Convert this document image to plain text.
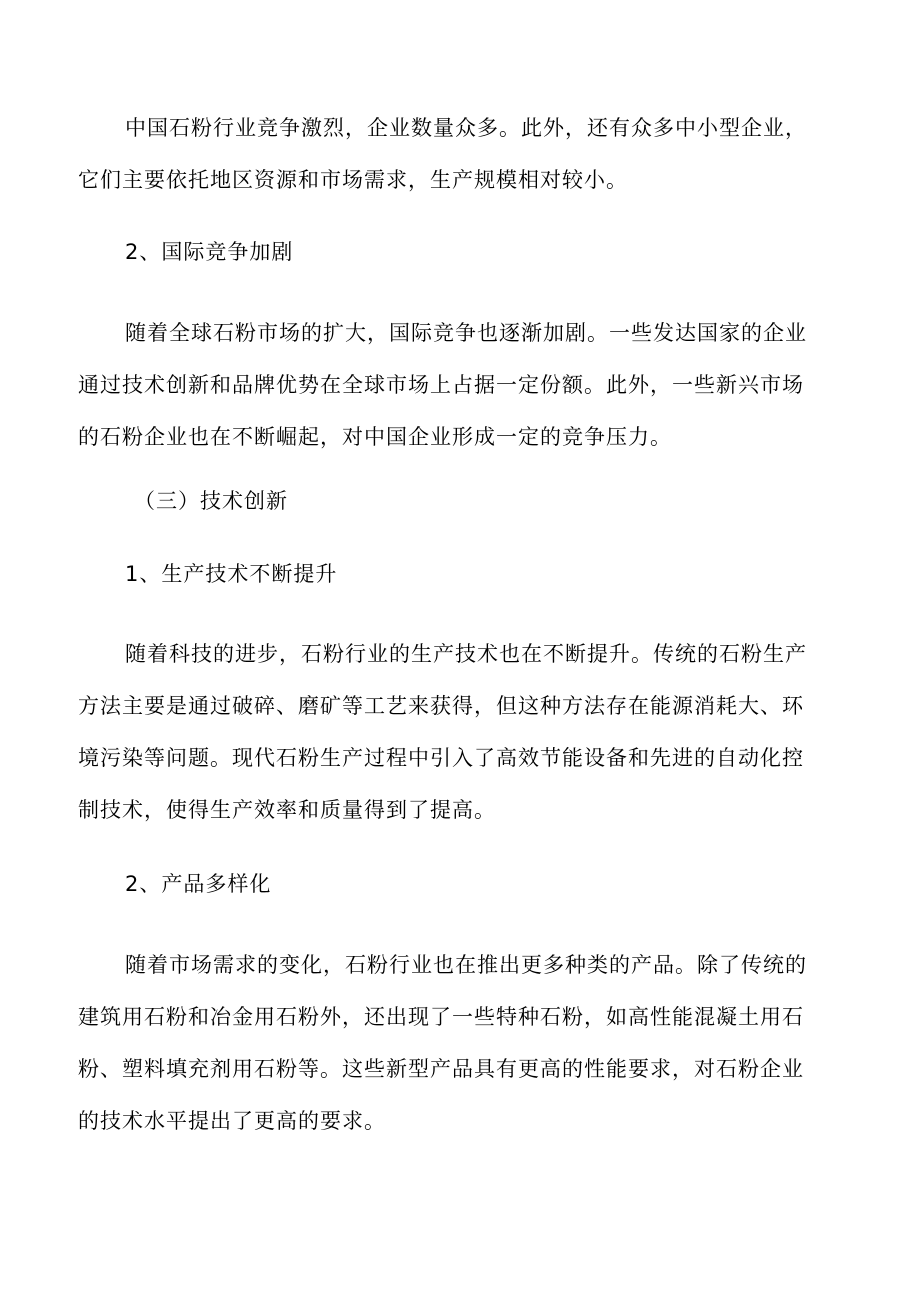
中国石粉行业竞争激烈，企业数量众多。此外，还有众多中小型企业，
它们主要依托地区资源和市场需求，生产规模相对较小。
2、国际竞争加剧
随着全球石粉市场的扩大，国际竞争也逐渐加剧。一些发达国家的企业
通过技术创新和品牌优势在全球市场上占据一定份额。此外，一些新兴市场
的石粉企业也在不断崛起，对中国企业形成一定的竞争压力。
（三）技术创新
1、生产技术不断提升
随着科技的进步，石粉行业的生产技术也在不断提升。传统的石粉生产
方法主要是通过破碎、磨矿等工艺来获得，但这种方法存在能源消耗大、环
境污染等问题。现代石粉生产过程中引入了高效节能设备和先进的自动化控
制技术，使得生产效率和质量得到了提高。
2、产品多样化
随着市场需求的变化，石粉行业也在推出更多种类的产品。除了传统的
建筑用石粉和冶金用石粉外，还出现了一些特种石粉，如高性能混凝土用石
粉、塑料填充剂用石粉等。这些新型产品具有更高的性能要求，对石粉企业
的技术水平提出了更高的要求。
